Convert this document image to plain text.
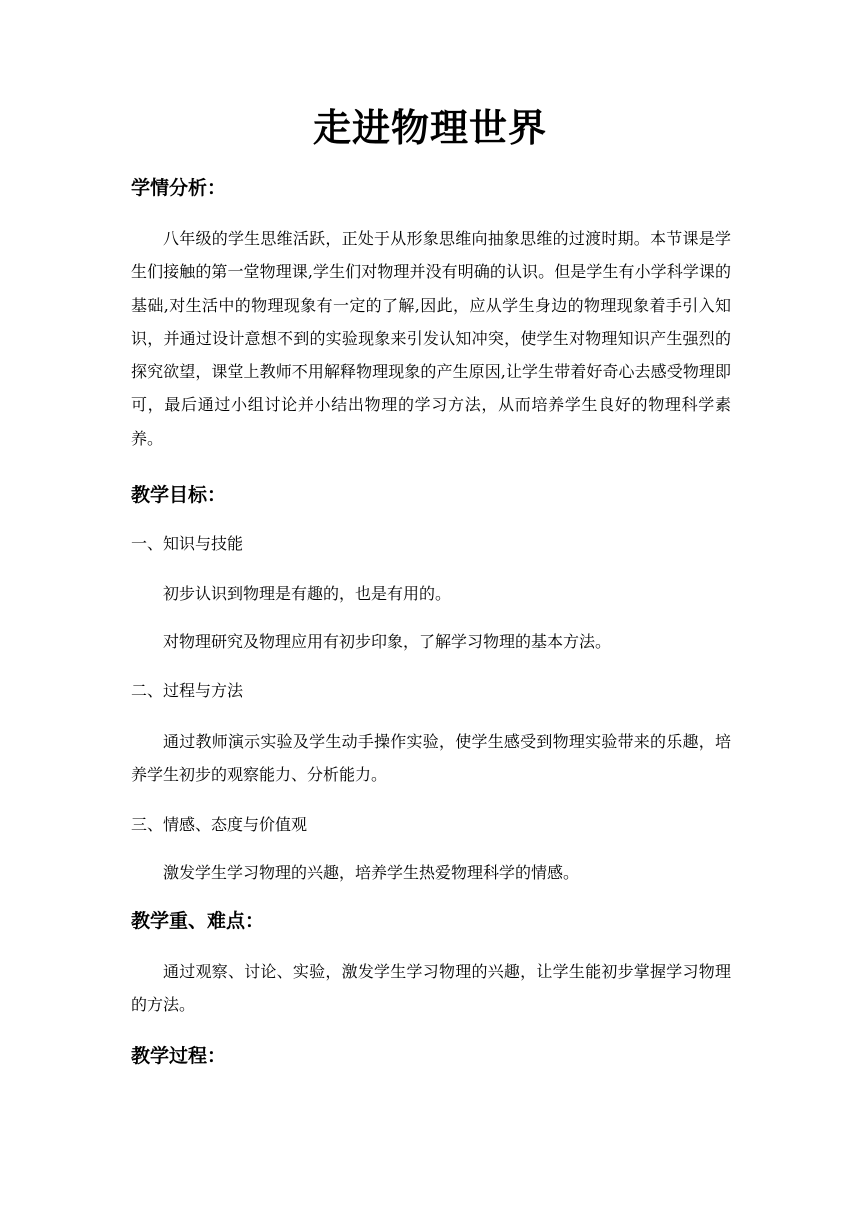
走进物理世界
学情分析：
八年级的学生思维活跃，正处于从形象思维向抽象思维的过渡时期。本节课是学生们接触的第一堂物理课,学生们对物理并没有明确的认识。但是学生有小学科学课的基础,对生活中的物理现象有一定的了解,因此，应从学生身边的物理现象着手引入知识，并通过设计意想不到的实验现象来引发认知冲突，使学生对物理知识产生强烈的探究欲望，课堂上教师不用解释物理现象的产生原因,让学生带着好奇心去感受物理即可，最后通过小组讨论并小结出物理的学习方法，从而培养学生良好的物理科学素养。
教学目标：
一、知识与技能
初步认识到物理是有趣的，也是有用的。
对物理研究及物理应用有初步印象，了解学习物理的基本方法。
二、过程与方法
通过教师演示实验及学生动手操作实验，使学生感受到物理实验带来的乐趣，培养学生初步的观察能力、分析能力。
三、情感、态度与价值观
激发学生学习物理的兴趣，培养学生热爱物理科学的情感。
教学重、难点：
通过观察、讨论、实验，激发学生学习物理的兴趣，让学生能初步掌握学习物理的方法。
教学过程：
